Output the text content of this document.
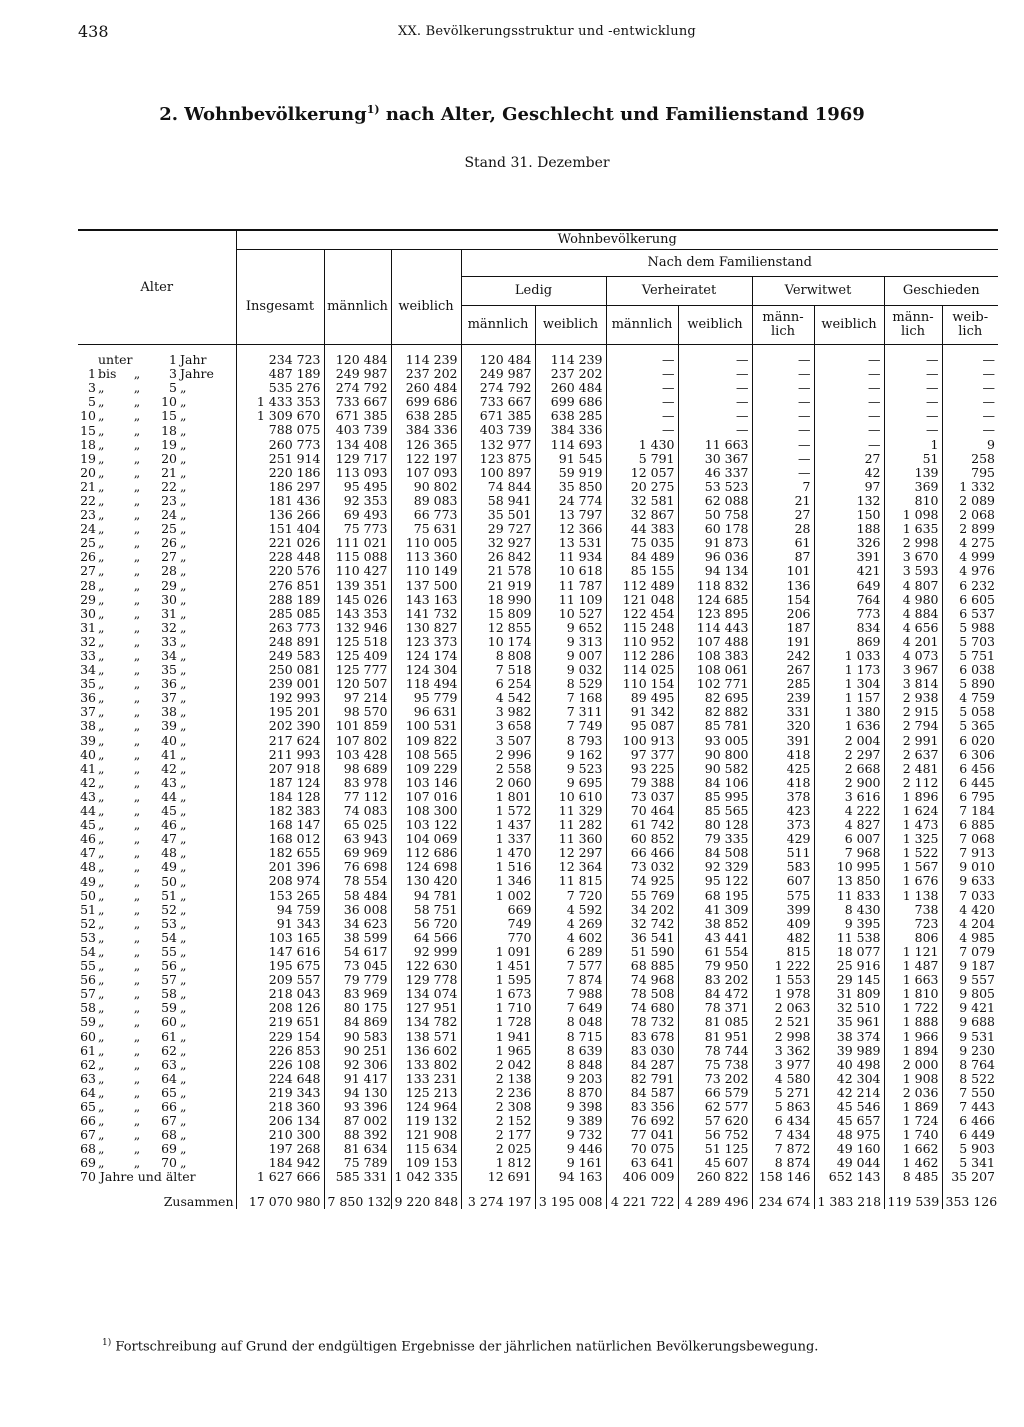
438	XX. Bevölkerungsstruktur und -entwicklung
2. Wohnbevölkerung$^{1)}$ nach Alter, Geschlecht und Familienstand 1969
Stand 31. Dezember
Alter	Wohnbevölkerung										
	Insgesamt	männlich	weiblich	Nach dem Familienstand							
				Ledig		Verheiratet		Verwitwet		Geschieden	
				männlich	weiblich	männlich	weiblich	männ- lich	weiblich	männ- lich	weib- lich

unter 1 Jahr	234 723	120 484	114 239	120 484	114 239	—	—	—	—	—	—

1 bis „ 3 Jahre	487 189	249 987	237 202	249 987	237 202	—	—	—	—	—	—

3 „ „ 5 „	535 276	274 792	260 484	274 792	260 484	—	—	—	—	—	—

5 „ „ 10 „	1 433 353	733 667	699 686	733 667	699 686	—	—	—	—	—	—

10 „ „ 15 „	1 309 670	671 385	638 285	671 385	638 285	—	—	—	—	—	—

15 „ „ 18 „	788 075	403 739	384 336	403 739	384 336	—	—	—	—	—	—

18 „ „ 19 „	260 773	134 408	126 365	132 977	114 693	1 430	11 663	—	—	1	9

19 „ „ 20 „	251 914	129 717	122 197	123 875	91 545	5 791	30 367	—	27	51	258

20 „ „ 21 „	220 186	113 093	107 093	100 897	59 919	12 057	46 337	—	42	139	795

21 „ „ 22 „	186 297	95 495	90 802	74 844	35 850	20 275	53 523	7	97	369	1 332

22 „ „ 23 „	181 436	92 353	89 083	58 941	24 774	32 581	62 088	21	132	810	2 089

23 „ „ 24 „	136 266	69 493	66 773	35 501	13 797	32 867	50 758	27	150	1 098	2 068

24 „ „ 25 „	151 404	75 773	75 631	29 727	12 366	44 383	60 178	28	188	1 635	2 899

25 „ „ 26 „	221 026	111 021	110 005	32 927	13 531	75 035	91 873	61	326	2 998	4 275

26 „ „ 27 „	228 448	115 088	113 360	26 842	11 934	84 489	96 036	87	391	3 670	4 999

27 „ „ 28 „	220 576	110 427	110 149	21 578	10 618	85 155	94 134	101	421	3 593	4 976

28 „ „ 29 „	276 851	139 351	137 500	21 919	11 787	112 489	118 832	136	649	4 807	6 232

29 „ „ 30 „	288 189	145 026	143 163	18 990	11 109	121 048	124 685	154	764	4 980	6 605

30 „ „ 31 „	285 085	143 353	141 732	15 809	10 527	122 454	123 895	206	773	4 884	6 537

31 „ „ 32 „	263 773	132 946	130 827	12 855	9 652	115 248	114 443	187	834	4 656	5 988

32 „ „ 33 „	248 891	125 518	123 373	10 174	9 313	110 952	107 488	191	869	4 201	5 703

33 „ „ 34 „	249 583	125 409	124 174	8 808	9 007	112 286	108 383	242	1 033	4 073	5 751

34 „ „ 35 „	250 081	125 777	124 304	7 518	9 032	114 025	108 061	267	1 173	3 967	6 038

35 „ „ 36 „	239 001	120 507	118 494	6 254	8 529	110 154	102 771	285	1 304	3 814	5 890

36 „ „ 37 „	192 993	97 214	95 779	4 542	7 168	89 495	82 695	239	1 157	2 938	4 759

37 „ „ 38 „	195 201	98 570	96 631	3 982	7 311	91 342	82 882	331	1 380	2 915	5 058

38 „ „ 39 „	202 390	101 859	100 531	3 658	7 749	95 087	85 781	320	1 636	2 794	5 365

39 „ „ 40 „	217 624	107 802	109 822	3 507	8 793	100 913	93 005	391	2 004	2 991	6 020

40 „ „ 41 „	211 993	103 428	108 565	2 996	9 162	97 377	90 800	418	2 297	2 637	6 306

41 „ „ 42 „	207 918	98 689	109 229	2 558	9 523	93 225	90 582	425	2 668	2 481	6 456

42 „ „ 43 „	187 124	83 978	103 146	2 060	9 695	79 388	84 106	418	2 900	2 112	6 445

43 „ „ 44 „	184 128	77 112	107 016	1 801	10 610	73 037	85 995	378	3 616	1 896	6 795

44 „ „ 45 „	182 383	74 083	108 300	1 572	11 329	70 464	85 565	423	4 222	1 624	7 184

45 „ „ 46 „	168 147	65 025	103 122	1 437	11 282	61 742	80 128	373	4 827	1 473	6 885

46 „ „ 47 „	168 012	63 943	104 069	1 337	11 360	60 852	79 335	429	6 007	1 325	7 068

47 „ „ 48 „	182 655	69 969	112 686	1 470	12 297	66 466	84 508	511	7 968	1 522	7 913

48 „ „ 49 „	201 396	76 698	124 698	1 516	12 364	73 032	92 329	583	10 995	1 567	9 010

49 „ „ 50 „	208 974	78 554	130 420	1 346	11 815	74 925	95 122	607	13 850	1 676	9 633

50 „ „ 51 „	153 265	58 484	94 781	1 002	7 720	55 769	68 195	575	11 833	1 138	7 033

51 „ „ 52 „	94 759	36 008	58 751	669	4 592	34 202	41 309	399	8 430	738	4 420

52 „ „ 53 „	91 343	34 623	56 720	749	4 269	32 742	38 852	409	9 395	723	4 204

53 „ „ 54 „	103 165	38 599	64 566	770	4 602	36 541	43 441	482	11 538	806	4 985

54 „ „ 55 „	147 616	54 617	92 999	1 091	6 289	51 590	61 554	815	18 077	1 121	7 079

55 „ „ 56 „	195 675	73 045	122 630	1 451	7 577	68 885	79 950	1 222	25 916	1 487	9 187

56 „ „ 57 „	209 557	79 779	129 778	1 595	7 874	74 968	83 202	1 553	29 145	1 663	9 557

57 „ „ 58 „	218 043	83 969	134 074	1 673	7 988	78 508	84 472	1 978	31 809	1 810	9 805

58 „ „ 59 „	208 126	80 175	127 951	1 710	7 649	74 680	78 371	2 063	32 510	1 722	9 421

59 „ „ 60 „	219 651	84 869	134 782	1 728	8 048	78 732	81 085	2 521	35 961	1 888	9 688

60 „ „ 61 „	229 154	90 583	138 571	1 941	8 715	83 678	81 951	2 998	38 374	1 966	9 531

61 „ „ 62 „	226 853	90 251	136 602	1 965	8 639	83 030	78 744	3 362	39 989	1 894	9 230

62 „ „ 63 „	226 108	92 306	133 802	2 042	8 848	84 287	75 738	3 977	40 498	2 000	8 764

63 „ „ 64 „	224 648	91 417	133 231	2 138	9 203	82 791	73 202	4 580	42 304	1 908	8 522

64 „ „ 65 „	219 343	94 130	125 213	2 236	8 870	84 587	66 579	5 271	42 214	2 036	7 550

65 „ „ 66 „	218 360	93 396	124 964	2 308	9 398	83 356	62 577	5 863	45 546	1 869	7 443

66 „ „ 67 „	206 134	87 002	119 132	2 152	9 389	76 692	57 620	6 434	45 657	1 724	6 466

67 „ „ 68 „	210 300	88 392	121 908	2 177	9 732	77 041	56 752	7 434	48 975	1 740	6 449

68 „ „ 69 „	197 268	81 634	115 634	2 025	9 446	70 075	51 125	7 872	49 160	1 662	5 903

69 „ „ 70 „	184 942	75 789	109 153	1 812	9 161	63 641	45 607	8 874	49 044	1 462	5 341

70 Jahre und älter	1 627 666	585 331	1 042 335	12 691	94 163	406 009	260 822	158 146	652 143	8 485	35 207
Zusammen	17 070 980	7 850 132	9 220 848	3 274 197	3 195 008	4 221 722	4 289 496	234 674	1 383 218	119 539	353 126
$^{1)}$ Fortschreibung auf Grund der endgültigen Ergebnisse der jährlichen natürlichen Bevölkerungsbewegung.
